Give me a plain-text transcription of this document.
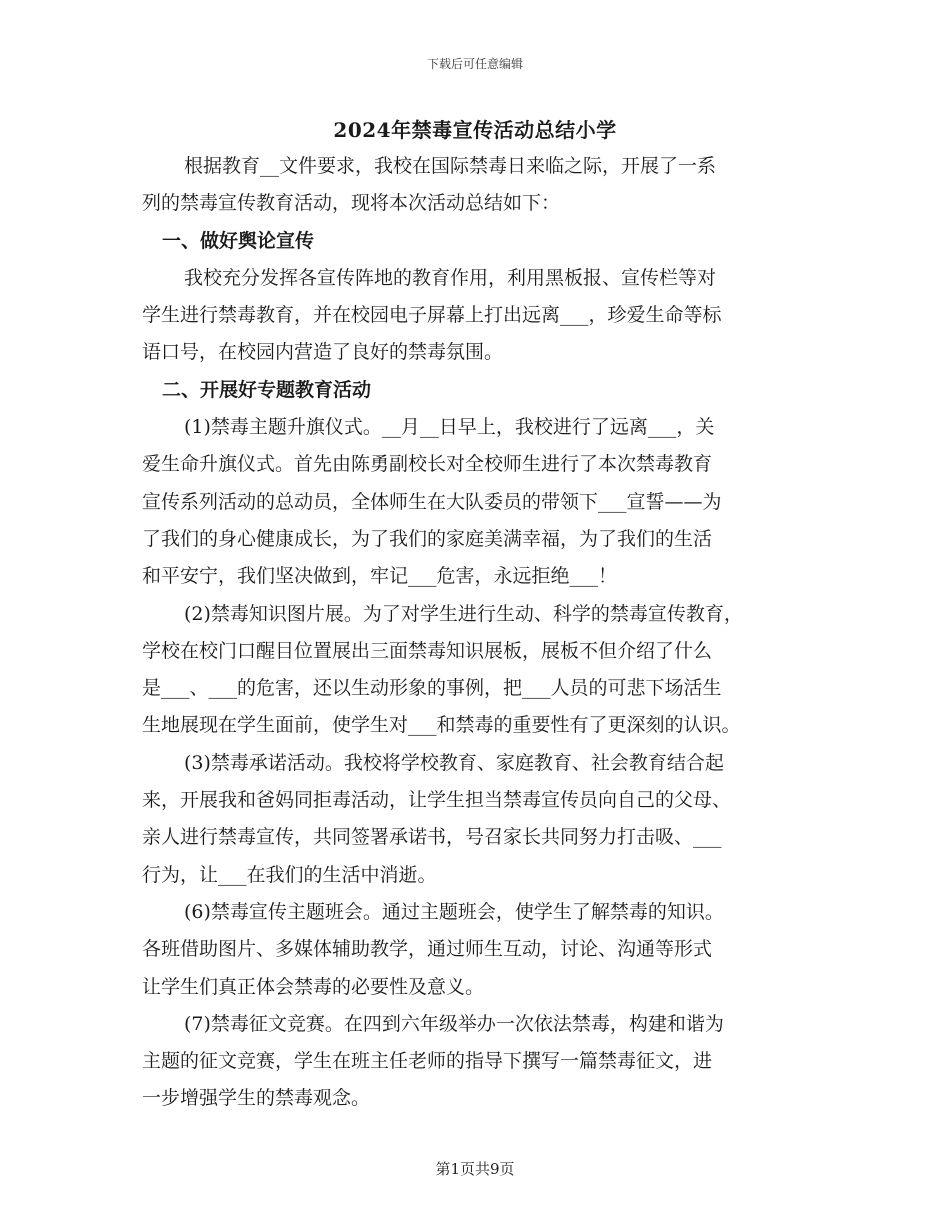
下载后可任意编辑
2024年禁毒宣传活动总结小学

根据教育__文件要求，我校在国际禁毒日来临之际，开展了一系
列的禁毒宣传教育活动，现将本次活动总结如下：

一、做好舆论宣传

我校充分发挥各宣传阵地的教育作用，利用黑板报、宣传栏等对
学生进行禁毒教育，并在校园电子屏幕上打出远离___，珍爱生命等标
语口号，在校园内营造了良好的禁毒氛围。

二、开展好专题教育活动

(1)禁毒主题升旗仪式。__月__日早上，我校进行了远离___，关
爱生命升旗仪式。首先由陈勇副校长对全校师生进行了本次禁毒教育
宣传系列活动的总动员，全体师生在大队委员的带领下___宣誓——为
了我们的身心健康成长，为了我们的家庭美满幸福，为了我们的生活
和平安宁，我们坚决做到，牢记___危害，永远拒绝___！

(2)禁毒知识图片展。为了对学生进行生动、科学的禁毒宣传教育，
学校在校门口醒目位置展出三面禁毒知识展板，展板不但介绍了什么
是___、___的危害，还以生动形象的事例，把___人员的可悲下场活生
生地展现在学生面前，使学生对___和禁毒的重要性有了更深刻的认识。

(3)禁毒承诺活动。我校将学校教育、家庭教育、社会教育结合起
来，开展我和爸妈同拒毒活动，让学生担当禁毒宣传员向自己的父母、
亲人进行禁毒宣传，共同签署承诺书，号召家长共同努力打击吸、___
行为，让___在我们的生活中消逝。

(6)禁毒宣传主题班会。通过主题班会，使学生了解禁毒的知识。
各班借助图片、多媒体辅助教学，通过师生互动，讨论、沟通等形式
让学生们真正体会禁毒的必要性及意义。

(7)禁毒征文竞赛。在四到六年级举办一次依法禁毒，构建和谐为
主题的征文竞赛，学生在班主任老师的指导下撰写一篇禁毒征文，进
一步增强学生的禁毒观念。

第1页共9页
